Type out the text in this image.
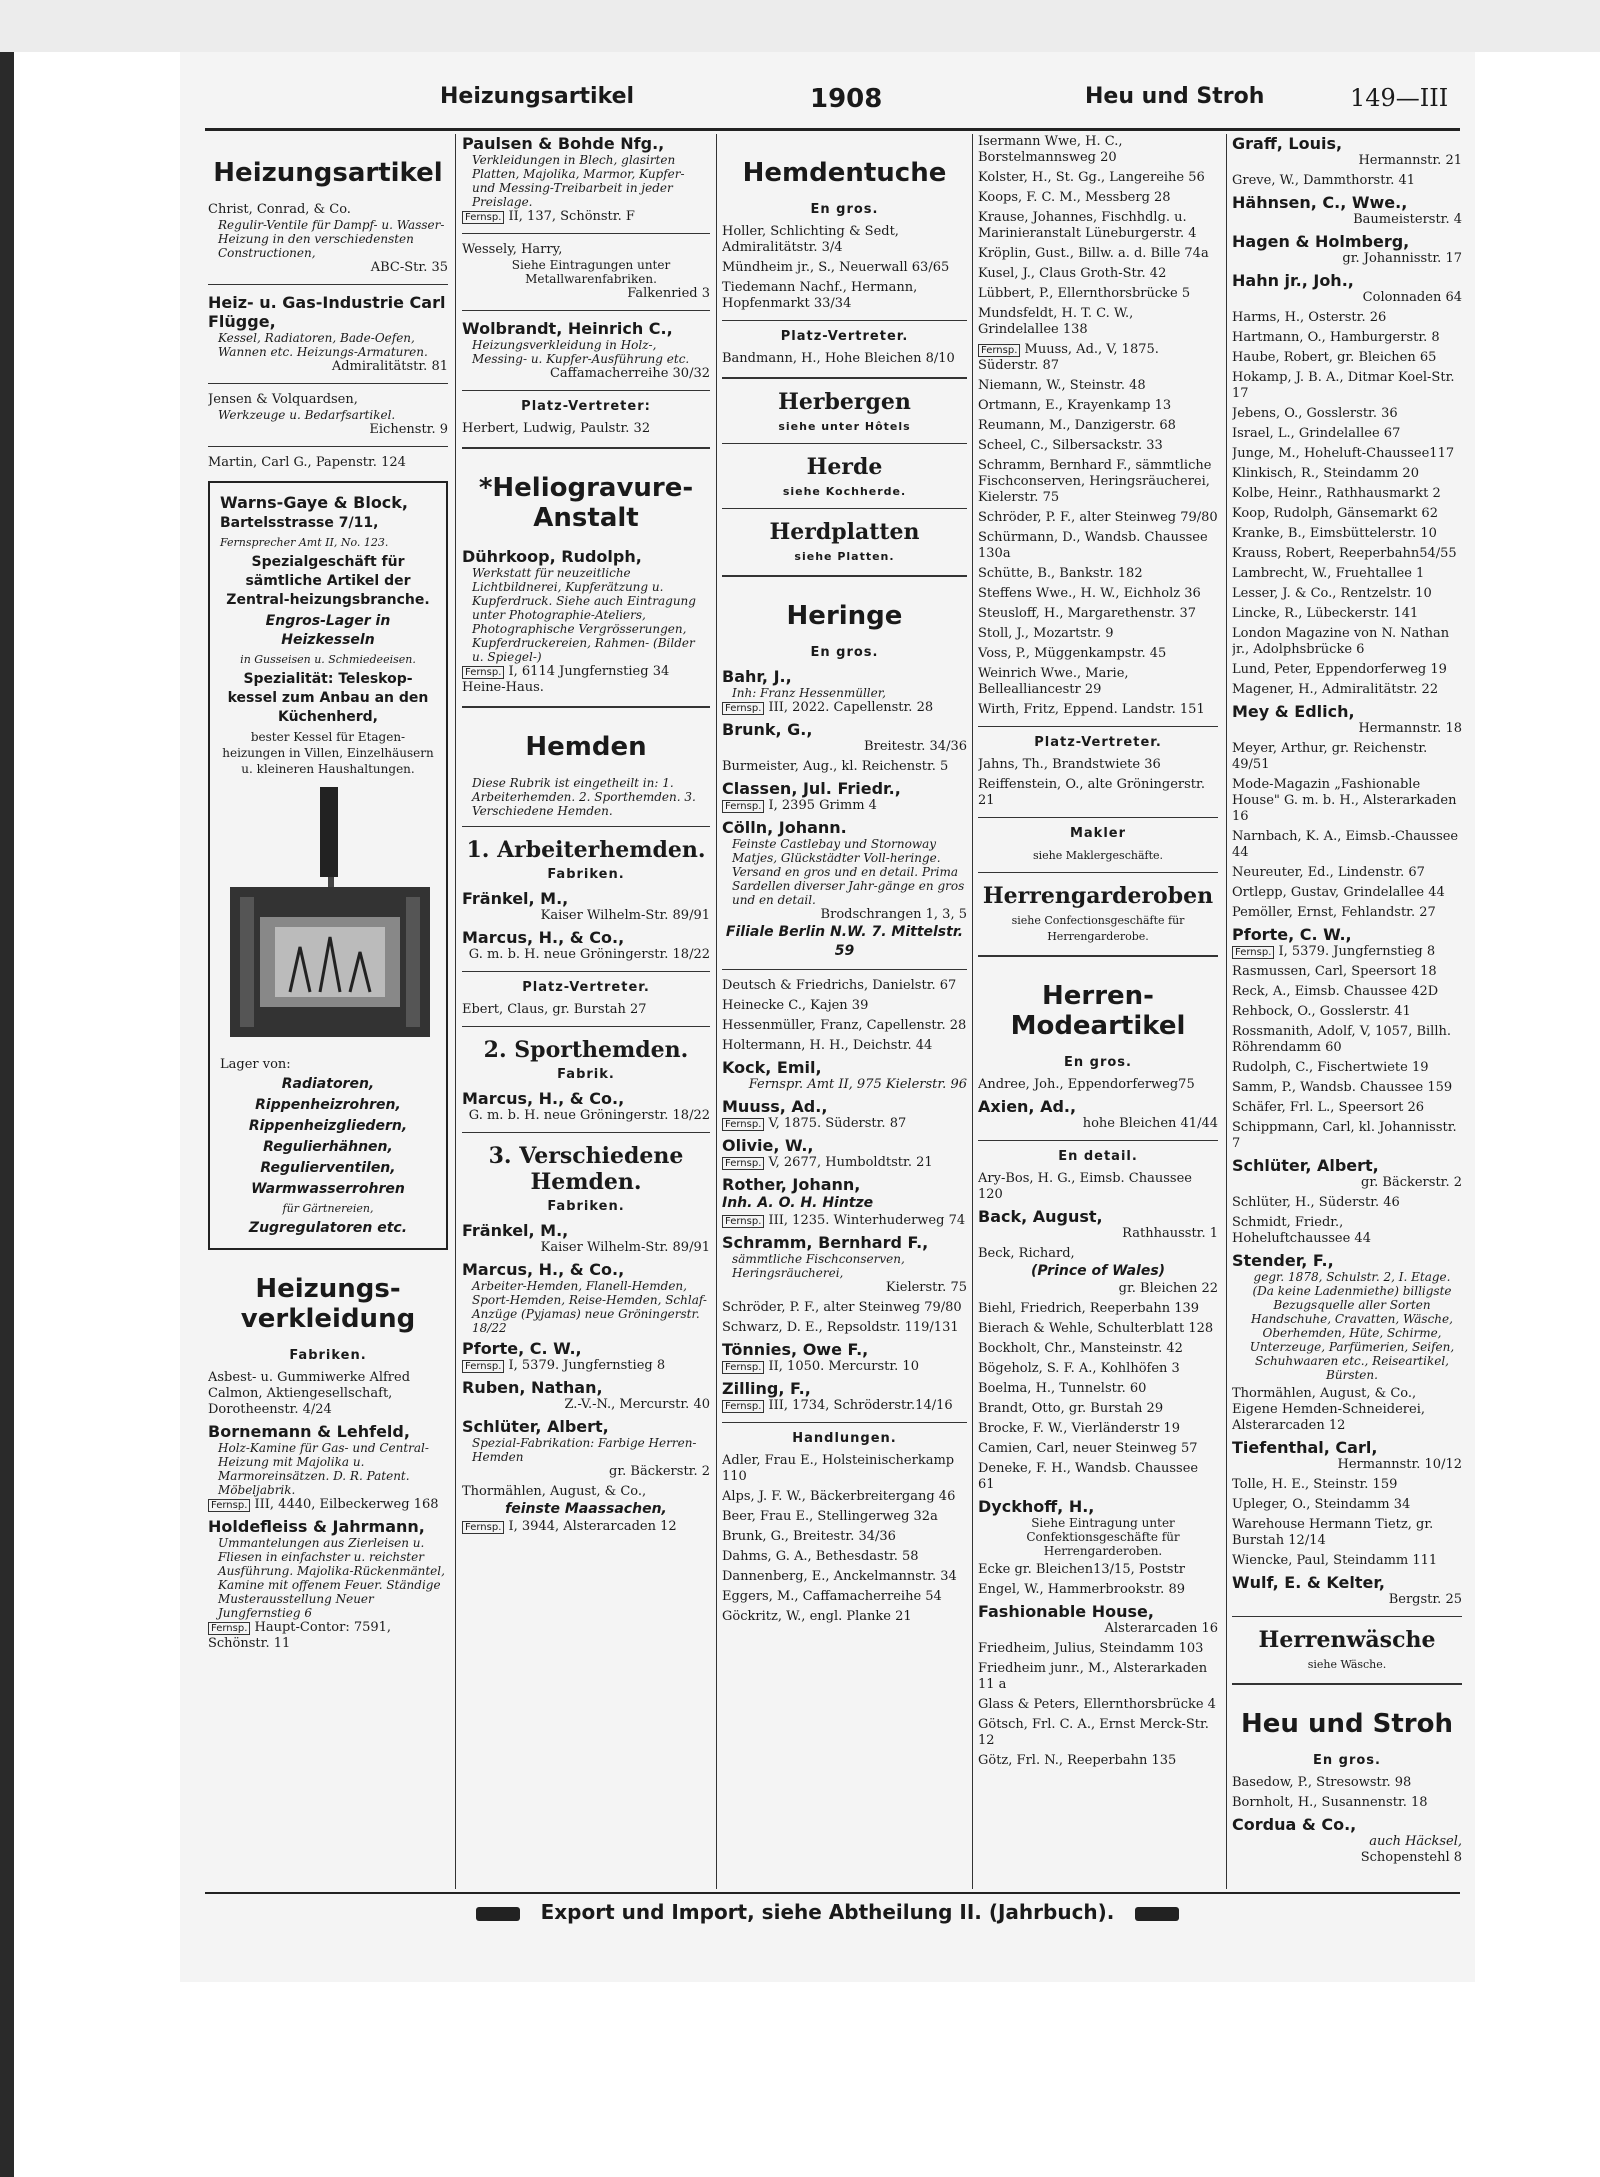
Heizungsartikel	1908	Heu und Stroh	149—III
Heizungsartikel
Christ, Conrad, & Co.
Regulir-Ventile für Dampf- u. Wasser-Heizung in den verschiedensten Constructionen,
ABC-Str. 35
Heiz- u. Gas-Industrie Carl Flügge,
Kessel, Radiatoren, Bade-Oefen, Wannen etc. Heizungs-Armaturen.
Admiralitätstr. 81
Jensen & Volquardsen,
Werkzeuge u. Bedarfsartikel.
Eichenstr. 9
Martin, Carl G., Papenstr. 124

Warns-Gaye & Block,

Bartelsstrasse 7/11,

Fernsprecher Amt II, No. 123.

Spezialgeschäft für sämtliche Artikel der Zentral-heizungsbranche.

Engros-Lager in Heizkesseln

in Gusseisen u. Schmiedeeisen.

Spezialität: Teleskop-kessel zum Anbau an den Küchenherd,

bester Kessel für Etagen-heizungen in Villen, Einzelhäusern u. kleineren Haushaltungen.

Lager von:

Radiatoren,

Rippenheizrohren,

Rippenheizgliedern,

Regulierhähnen,

Regulierventilen,

Warmwasserrohren

für Gärtnereien,

Zugregulatoren etc.

Heizungs-verkleidung
Fabriken.
Asbest- u. Gummiwerke Alfred Calmon, Aktiengesellschaft, Dorotheenstr. 4/24
Bornemann & Lehfeld,
Holz-Kamine für Gas- und Central-Heizung mit Majolika u. Marmoreinsätzen. D. R. Patent. Möbeljabrik.
Fernsp. III, 4440, Eilbeckerweg 168
Holdefleiss & Jahrmann,
Ummantelungen aus Zierleisen u. Fliesen in einfachster u. reichster Ausführung. Majolika-Rückenmäntel, Kamine mit offenem Feuer. Ständige Musterausstellung Neuer Jungfernstieg 6
Fernsp. Haupt-Contor: 7591, Schönstr. 11
Paulsen & Bohde Nfg.,
Verkleidungen in Blech, glasirten Platten, Majolika, Marmor, Kupfer- und Messing-Treibarbeit in jeder Preislage.
Fernsp. II, 137, Schönstr. F
Wessely, Harry,
Siehe Eintragungen unter Metallwarenfabriken.
Falkenried 3
Wolbrandt, Heinrich C.,
Heizungsverkleidung in Holz-, Messing- u. Kupfer-Ausführung etc.
Caffamacherreihe 30/32
Platz-Vertreter:
Herbert, Ludwig, Paulstr. 32
*Heliogravure-Anstalt
Dührkoop, Rudolph,
Werkstatt für neuzeitliche Lichtbildnerei, Kupferätzung u. Kupferdruck. Siehe auch Eintragung unter Photographie-Ateliers, Photographische Vergrösserungen, Kupferdruckereien, Rahmen- (Bilder u. Spiegel-)
Fernsp. I, 6114 Jungfernstieg 34 Heine-Haus.
Hemden
Diese Rubrik ist eingetheilt in: 1. Arbeiterhemden. 2. Sporthemden. 3. Verschiedene Hemden.
1. Arbeiterhemden.
Fabriken.
Fränkel, M.,
Kaiser Wilhelm-Str. 89/91
Marcus, H., & Co.,
G. m. b. H. neue Gröningerstr. 18/22
Platz-Vertreter.
Ebert, Claus, gr. Burstah 27
2. Sporthemden.
Fabrik.
Marcus, H., & Co.,
G. m. b. H. neue Gröningerstr. 18/22
3. Verschiedene Hemden.
Fabriken.
Fränkel, M.,
Kaiser Wilhelm-Str. 89/91
Marcus, H., & Co.,
Arbeiter-Hemden, Flanell-Hemden, Sport-Hemden, Reise-Hemden, Schlaf-Anzüge (Pyjamas) neue Gröningerstr. 18/22
Pforte, C. W.,
Fernsp. I, 5379. Jungfernstieg 8
Ruben, Nathan,
Z.-V.-N., Mercurstr. 40
Schlüter, Albert,
Spezial-Fabrikation: Farbige Herren-Hemden
gr. Bäckerstr. 2
Thormählen, August, & Co.,
feinste Maassachen,
Fernsp. I, 3944, Alsterarcaden 12
Hemdentuche
En gros.
Holler, Schlichting & Sedt, Admiralitätstr. 3/4
Mündheim jr., S., Neuerwall 63/65
Tiedemann Nachf., Hermann, Hopfenmarkt 33/34
Platz-Vertreter.
Bandmann, H., Hohe Bleichen 8/10
Herbergen
siehe unter Hôtels
Herde
siehe Kochherde.
Herdplatten
siehe Platten.
Heringe
En gros.
Bahr, J.,
Inh: Franz Hessenmüller,
Fernsp. III, 2022. Capellenstr. 28
Brunk, G.,
Breitestr. 34/36
Burmeister, Aug., kl. Reichenstr. 5
Classen, Jul. Friedr.,
Fernsp. I, 2395 Grimm 4
Cölln, Johann.
Feinste Castlebay und Stornoway Matjes, Glückstädter Voll-heringe. Versand en gros und en detail. Prima Sardellen diverser Jahr-gänge en gros und en detail.
Brodschrangen 1, 3, 5
Filiale Berlin N.W. 7. Mittelstr. 59
Deutsch & Friedrichs, Danielstr. 67
Heinecke C., Kajen 39
Hessenmüller, Franz, Capellenstr. 28
Holtermann, H. H., Deichstr. 44
Kock, Emil,
Fernspr. Amt II, 975 Kielerstr. 96
Muuss, Ad.,
Fernsp. V, 1875. Süderstr. 87
Olivie, W.,
Fernsp. V, 2677, Humboldtstr. 21
Rother, Johann,
Inh. A. O. H. Hintze
Fernsp. III, 1235. Winterhuderweg 74
Schramm, Bernhard F.,
sämmtliche Fischconserven, Heringsräucherei,
Kielerstr. 75
Schröder, P. F., alter Steinweg 79/80
Schwarz, D. E., Repsoldstr. 119/131
Tönnies, Owe F.,
Fernsp. II, 1050. Mercurstr. 10
Zilling, F.,
Fernsp. III, 1734, Schröderstr.14/16
Handlungen.
Adler, Frau E., Holsteinischerkamp 110
Alps, J. F. W., Bäckerbreitergang 46
Beer, Frau E., Stellingerweg 32a
Brunk, G., Breitestr. 34/36
Dahms, G. A., Bethesdastr. 58
Dannenberg, E., Anckelmannstr. 34
Eggers, M., Caffamacherreihe 54
Göckritz, W., engl. Planke 21
Isermann Wwe, H. C., Borstelmannsweg 20
Kolster, H., St. Gg., Langereihe 56
Koops, F. C. M., Messberg 28
Krause, Johannes, Fischhdlg. u. Marinieranstalt Lüneburgerstr. 4
Kröplin, Gust., Billw. a. d. Bille 74a
Kusel, J., Claus Groth-Str. 42
Lübbert, P., Ellernthorsbrücke 5
Mundsfeldt, H. T. C. W., Grindelallee 138
Fernsp. Muuss, Ad., V, 1875. Süderstr. 87
Niemann, W., Steinstr. 48
Ortmann, E., Krayenkamp 13
Reumann, M., Danzigerstr. 68
Scheel, C., Silbersackstr. 33
Schramm, Bernhard F., sämmtliche Fischconserven, Heringsräucherei, Kielerstr. 75
Schröder, P. F., alter Steinweg 79/80
Schürmann, D., Wandsb. Chaussee 130a
Schütte, B., Bankstr. 182
Steffens Wwe., H. W., Eichholz 36
Steusloff, H., Margarethenstr. 37
Stoll, J., Mozartstr. 9
Voss, P., Müggenkampstr. 45
Weinrich Wwe., Marie, Bellealliancestr 29
Wirth, Fritz, Eppend. Landstr. 151
Platz-Vertreter.
Jahns, Th., Brandstwiete 36
Reiffenstein, O., alte Gröningerstr. 21
Makler
siehe Maklergeschäfte.
Herrengarderoben
siehe Confectionsgeschäfte für Herrengarderobe.
Herren-Modeartikel
En gros.
Andree, Joh., Eppendorferweg75
Axien, Ad.,
hohe Bleichen 41/44
En detail.
Ary-Bos, H. G., Eimsb. Chaussee 120
Back, August,
Rathhausstr. 1
Beck, Richard,
(Prince of Wales)
gr. Bleichen 22
Biehl, Friedrich, Reeperbahn 139
Bierach & Wehle, Schulterblatt 128
Bockholt, Chr., Mansteinstr. 42
Bögeholz, S. F. A., Kohlhöfen 3
Boelma, H., Tunnelstr. 60
Brandt, Otto, gr. Burstah 29
Brocke, F. W., Vierländerstr 19
Camien, Carl, neuer Steinweg 57
Deneke, F. H., Wandsb. Chaussee 61
Dyckhoff, H.,
Siehe Eintragung unter Confektionsgeschäfte für Herrengarderoben.
Ecke gr. Bleichen13/15, Poststr
Engel, W., Hammerbrookstr. 89
Fashionable House,
Alsterarcaden 16
Friedheim, Julius, Steindamm 103
Friedheim junr., M., Alsterarkaden 11 a
Glass & Peters, Ellernthorsbrücke 4
Götsch, Frl. C. A., Ernst Merck-Str. 12
Götz, Frl. N., Reeperbahn 135
Graff, Louis,
Hermannstr. 21
Greve, W., Dammthorstr. 41
Hähnsen, C., Wwe.,
Baumeisterstr. 4
Hagen & Holmberg,
gr. Johannisstr. 17
Hahn jr., Joh.,
Colonnaden 64
Harms, H., Osterstr. 26
Hartmann, O., Hamburgerstr. 8
Haube, Robert, gr. Bleichen 65
Hokamp, J. B. A., Ditmar Koel-Str. 17
Jebens, O., Gosslerstr. 36
Israel, L., Grindelallee 67
Junge, M., Hoheluft-Chaussee117
Klinkisch, R., Steindamm 20
Kolbe, Heinr., Rathhausmarkt 2
Koop, Rudolph, Gänsemarkt 62
Kranke, B., Eimsbüttelerstr. 10
Krauss, Robert, Reeperbahn54/55
Lambrecht, W., Fruehtallee 1
Lesser, J. & Co., Rentzelstr. 10
Lincke, R., Lübeckerstr. 141
London Magazine von N. Nathan jr., Adolphsbrücke 6
Lund, Peter, Eppendorferweg 19
Magener, H., Admiralitätstr. 22
Mey & Edlich,
Hermannstr. 18
Meyer, Arthur, gr. Reichenstr. 49/51
Mode-Magazin „Fashionable House" G. m. b. H., Alsterarkaden 16
Narnbach, K. A., Eimsb.-Chaussee 44
Neureuter, Ed., Lindenstr. 67
Ortlepp, Gustav, Grindelallee 44
Pemöller, Ernst, Fehlandstr. 27
Pforte, C. W.,
Fernsp. I, 5379. Jungfernstieg 8
Rasmussen, Carl, Speersort 18
Reck, A., Eimsb. Chaussee 42D
Rehbock, O., Gosslerstr. 41
Rossmanith, Adolf, V, 1057, Billh. Röhrendamm 60
Rudolph, C., Fischertwiete 19
Samm, P., Wandsb. Chaussee 159
Schäfer, Frl. L., Speersort 26
Schippmann, Carl, kl. Johannisstr. 7
Schlüter, Albert,
gr. Bäckerstr. 2
Schlüter, H., Süderstr. 46
Schmidt, Friedr., Hoheluftchaussee 44
Stender, F.,
gegr. 1878, Schulstr. 2, I. Etage. (Da keine Ladenmiethe) billigste Bezugsquelle aller Sorten Handschuhe, Cravatten, Wäsche, Oberhemden, Hüte, Schirme, Unterzeuge, Parfümerien, Seifen, Schuhwaaren etc., Reiseartikel, Bürsten.
Thormählen, August, & Co., Eigene Hemden-Schneiderei, Alsterarcaden 12
Tiefenthal, Carl,
Hermannstr. 10/12
Tolle, H. E., Steinstr. 159
Upleger, O., Steindamm 34
Warehouse Hermann Tietz, gr. Burstah 12/14
Wiencke, Paul, Steindamm 111
Wulf, E. & Kelter,
Bergstr. 25
Herrenwäsche
siehe Wäsche.
Heu und Stroh
En gros.
Basedow, P., Stresowstr. 98
Bornholt, H., Susannenstr. 18
Cordua & Co.,
auch Häcksel,
Schopenstehl 8
Export und Import, siehe Abtheilung II. (Jahrbuch).
